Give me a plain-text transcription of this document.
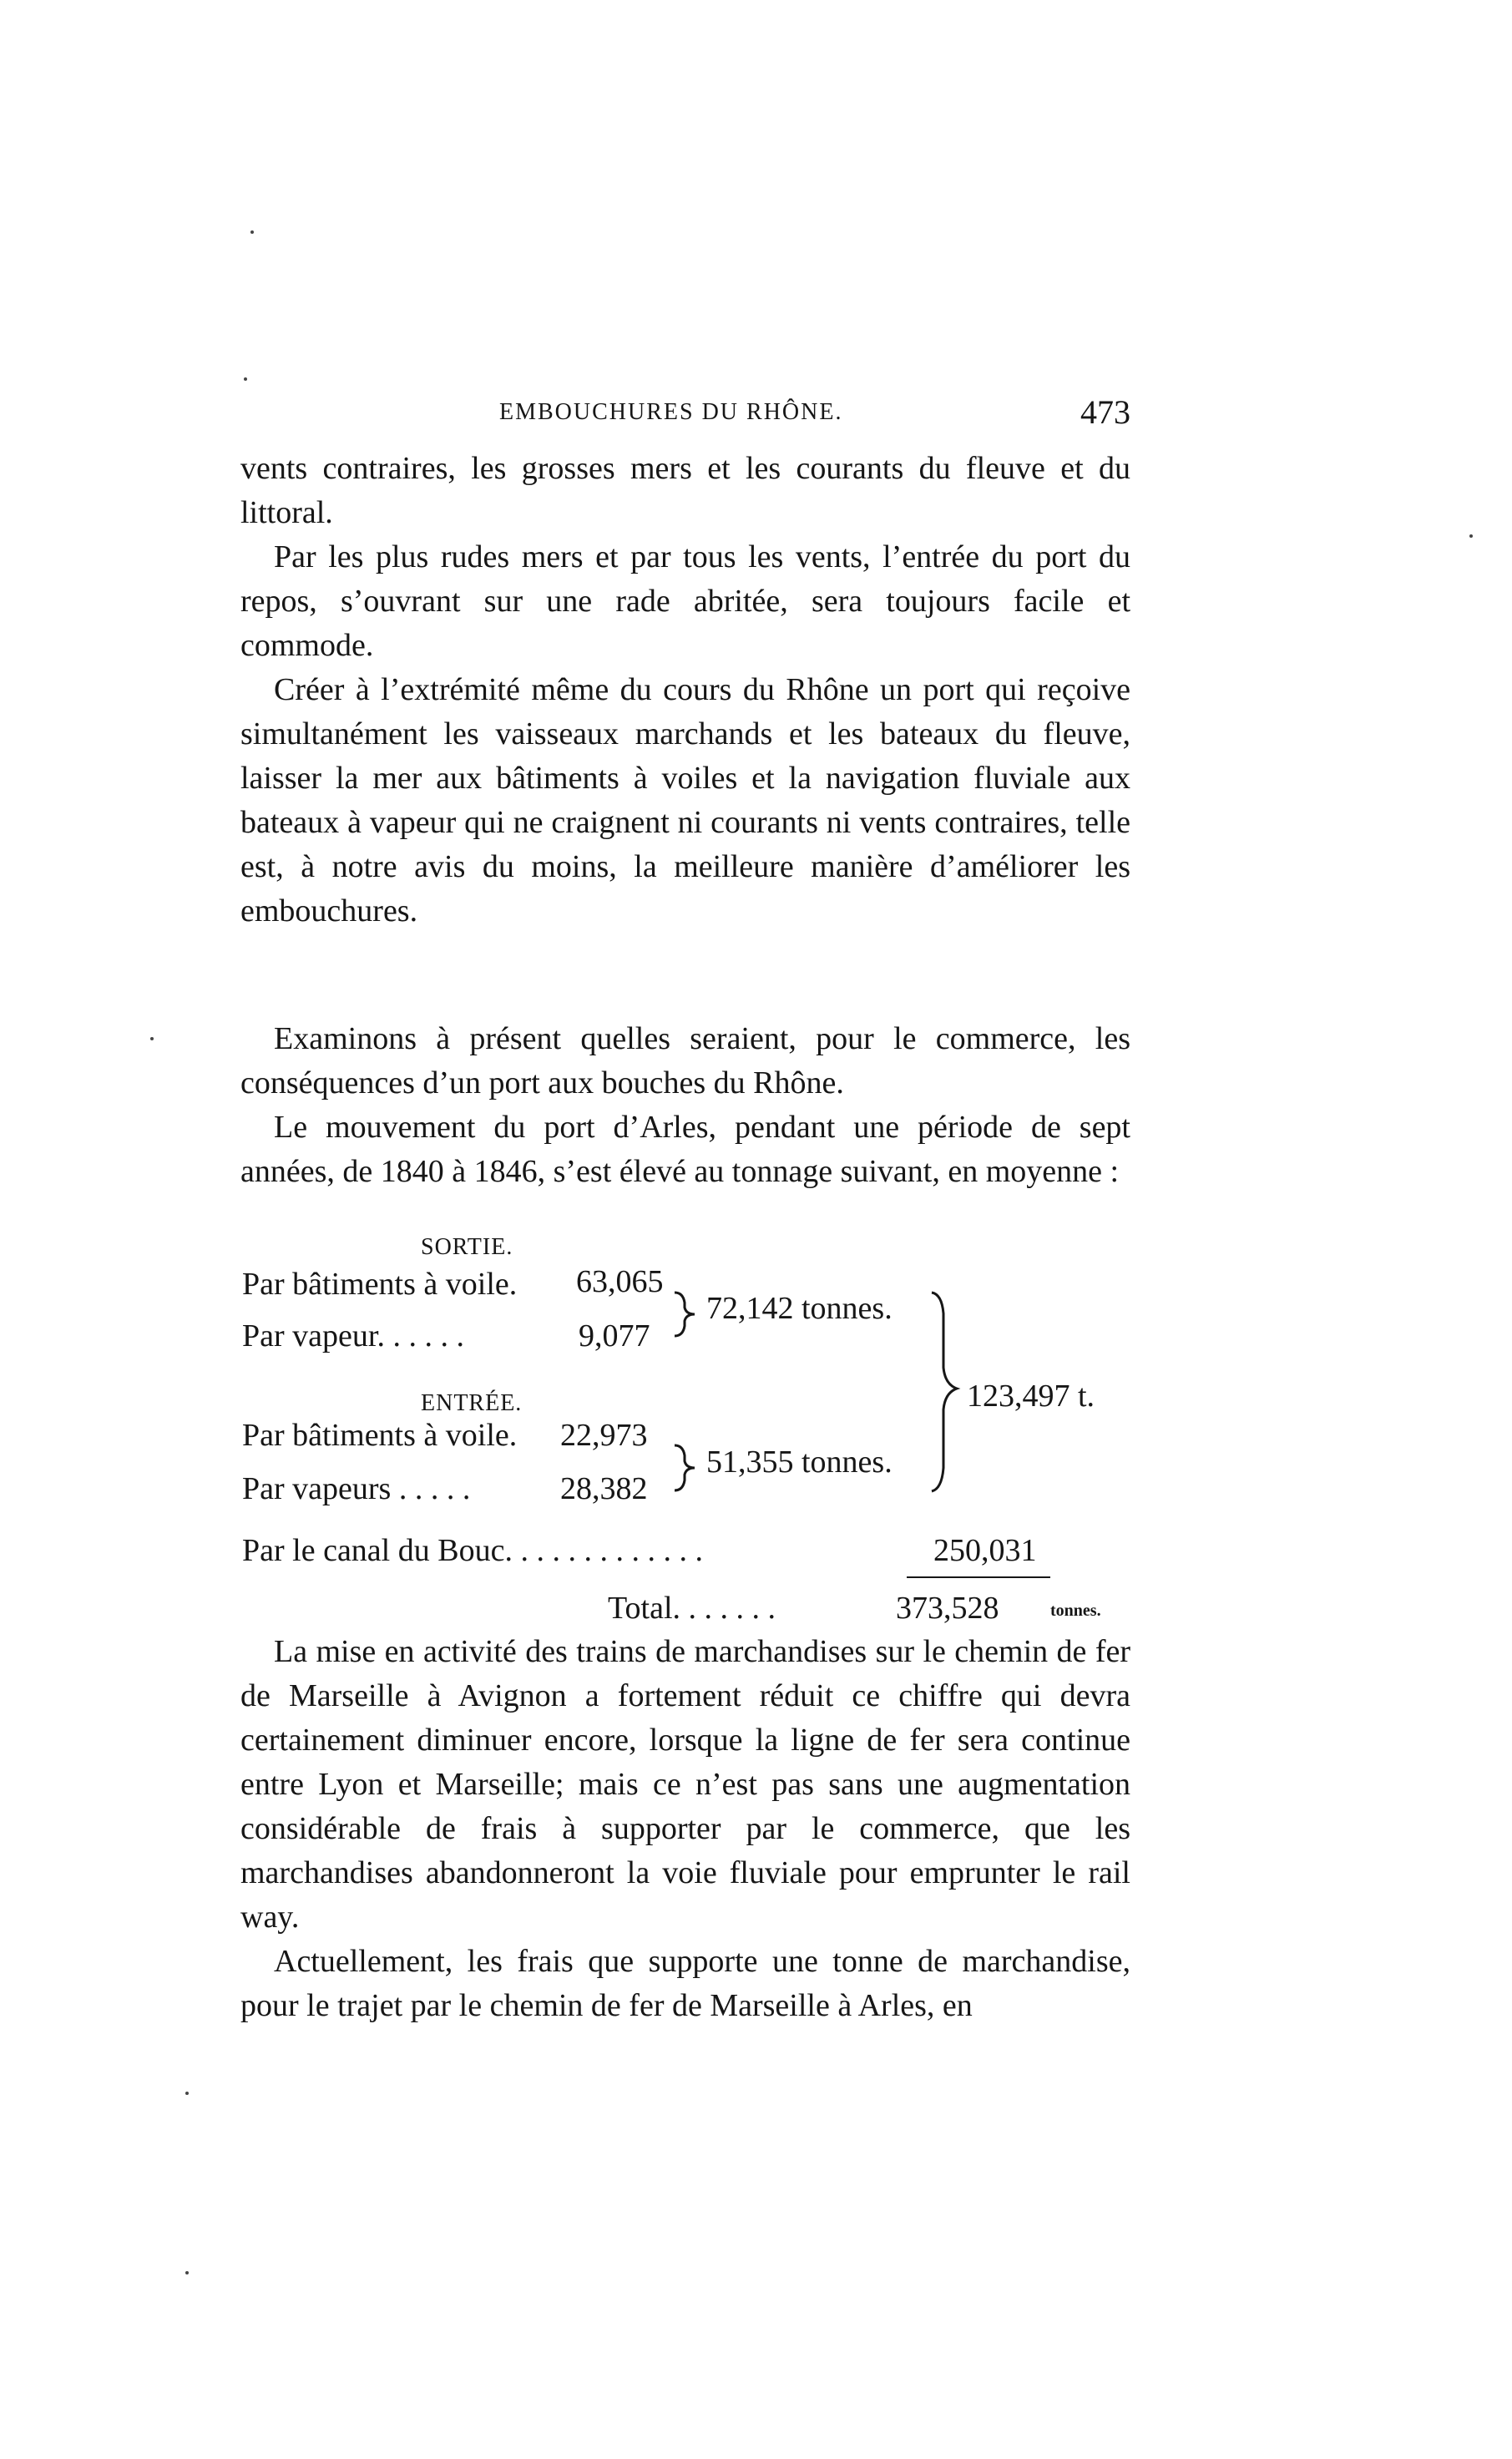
EMBOUCHURES DU RHÔNE.	473

vents contraires, les grosses mers et les courants du fleuve et du littoral.

Par les plus rudes mers et par tous les vents, l’entrée du port du repos, s’ouvrant sur une rade abritée, sera toujours facile et commode.

Créer à l’extrémité même du cours du Rhône un port qui reçoive simultanément les vaisseaux marchands et les bateaux du fleuve, laisser la mer aux bâtiments à voiles et la navigation fluviale aux bateaux à vapeur qui ne craignent ni courants ni vents contraires, telle est, à notre avis du moins, la meilleure manière d’améliorer les embouchures.

Examinons à présent quelles seraient, pour le commerce, les conséquences d’un port aux bouches du Rhône.

Le mouvement du port d’Arles, pendant une période de sept années, de 1840 à 1846, s’est élevé au tonnage suivant, en moyenne :

SORTIE.
Par bâtiments à voile. 63,065
Par vapeur. . . . . .	9,077
72,142 tonnes.
ENTRÉE.
Par bâtiments à voile. 22,973
Par vapeurs . . . . .	28,382
51,355 tonnes.
123,497 t.
Par le canal du Bouc. . . . . . . . . . . . .	250,031
Total. . . . . . .	373,528	tonnes.

La mise en activité des trains de marchandises sur le chemin de fer de Marseille à Avignon a fortement réduit ce chiffre qui devra certainement diminuer encore, lorsque la ligne de fer sera continue entre Lyon et Marseille; mais ce n’est pas sans une augmentation considérable de frais à supporter par le commerce, que les marchandises abandonneront la voie fluviale pour emprunter le rail way.

Actuellement, les frais que supporte une tonne de marchandise, pour le trajet par le chemin de fer de Marseille à Arles, en
